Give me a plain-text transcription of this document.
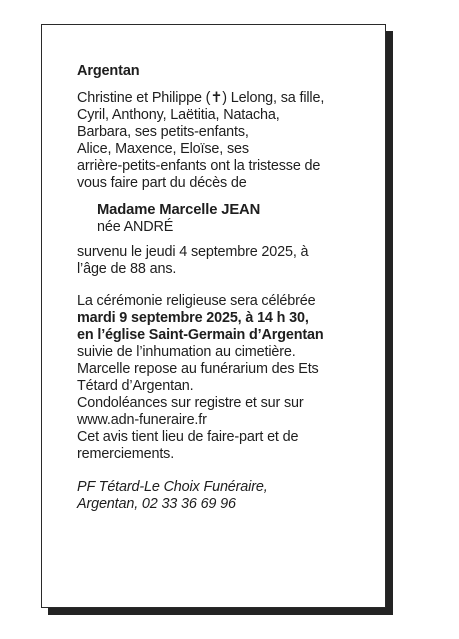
Argentan
Christine et Philippe (✝) Lelong, sa fille,
Cyril, Anthony, Laëtitia, Natacha,
Barbara, ses petits-enfants,
Alice, Maxence, Eloïse, ses
arrière-petits-enfants ont la tristesse de
vous faire part du décès de
Madame Marcelle JEAN
née ANDRÉ
survenu le jeudi 4 septembre 2025, à
l’âge de 88 ans.
La cérémonie religieuse sera célébrée
mardi 9 septembre 2025, à 14 h 30,
en l’église Saint-Germain d’Argentan
suivie de l’inhumation au cimetière.
Marcelle repose au funérarium des Ets
Tétard d’Argentan.
Condoléances sur registre et sur sur
www.adn-funeraire.fr
Cet avis tient lieu de faire-part et de
remerciements.
PF Tétard-Le Choix Funéraire,
Argentan, 02 33 36 69 96
